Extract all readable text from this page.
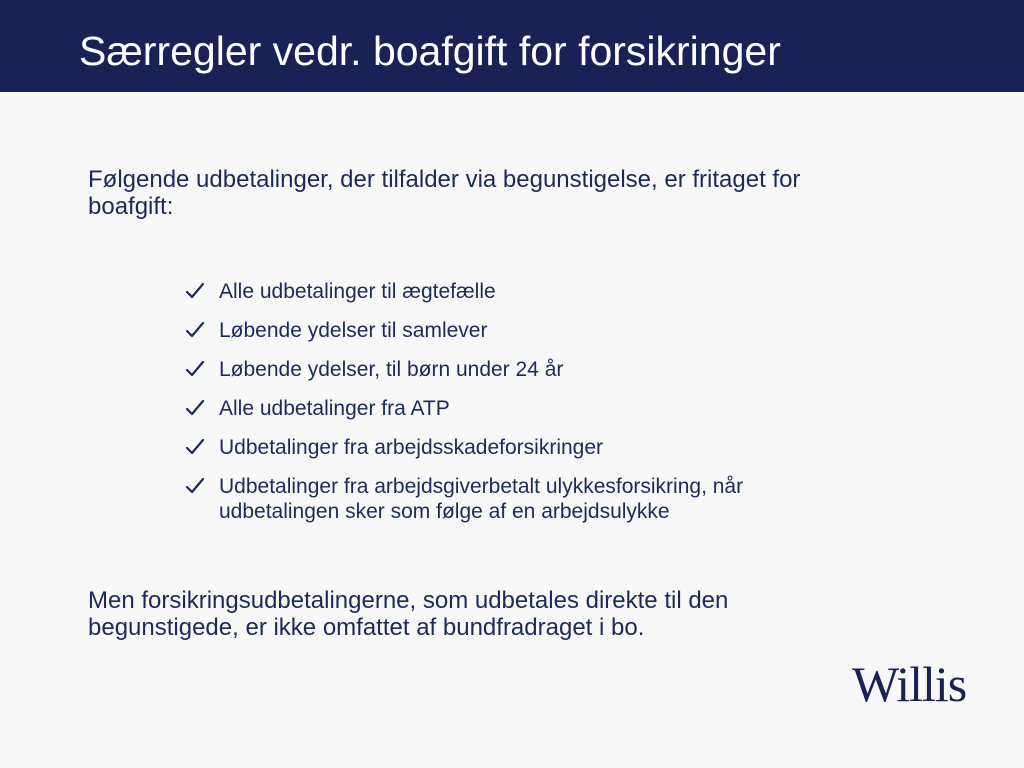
Særregler vedr. boafgift for forsikringer
Følgende udbetalinger, der tilfalder via begunstigelse, er fritaget for boafgift:
Alle udbetalinger til ægtefælle
Løbende ydelser til samlever
Løbende ydelser, til børn under 24 år
Alle udbetalinger fra ATP
Udbetalinger fra arbejdsskadeforsikringer
Udbetalinger fra arbejdsgiverbetalt ulykkesforsikring, når udbetalingen sker som følge af en arbejdsulykke
Men forsikringsudbetalingerne, som udbetales direkte til den begunstigede, er ikke omfattet af bundfradraget i bo.
Willis
